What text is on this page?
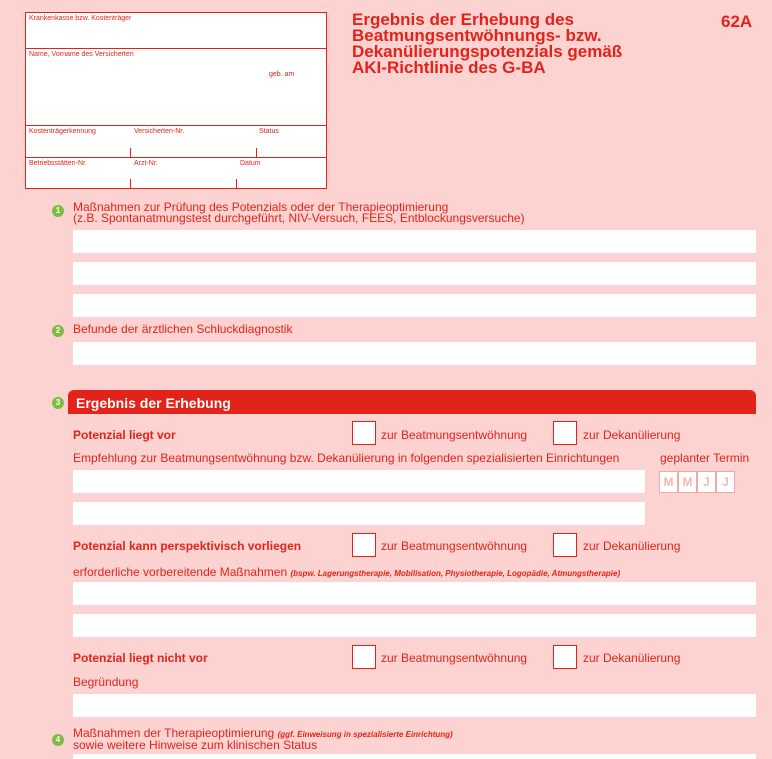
Krankenkasse bzw. Kostenträger
Name, Vorname des Versicherten
geb. am
Kostenträgerkennung	Versicherten-Nr.	Status
Betriebsstätten-Nr.	Arzt-Nr.	Datum
Ergebnis der Erhebung des
Beatmungsentwöhnungs- bzw.
Dekanülierungspotenzials gemäß
AKI-Richtlinie des G-BA
62A
1	Maßnahmen zur Prüfung des Potenzials oder der Therapieoptimierung
(z.B. Spontanatmungstest durchgeführt, NIV-Versuch, FEES, Entblockungsversuche)
2	Befunde der ärztlichen Schluckdiagnostik
3 Ergebnis der Erhebung
Potenzial liegt vor	zur Beatmungsentwöhnung	zur Dekanülierung
Empfehlung zur Beatmungsentwöhnung bzw. Dekanülierung in folgenden spezialisierten Einrichtungen	geplanter Termin
M M J	J
Potenzial kann perspektivisch vorliegen	zur Beatmungsentwöhnung	zur Dekanülierung
erforderliche vorbereitende Maßnahmen (bspw. Lagerungstherapie, Mobilisation, Physiotherapie, Logopädie, Atmungstherapie)
Potenzial liegt nicht vor	zur Beatmungsentwöhnung	zur Dekanülierung
Begründung
4	Maßnahmen der Therapieoptimierung (ggf. Einweisung in spezialisierte Einrichtung)
sowie weitere Hinweise zum klinischen Status
